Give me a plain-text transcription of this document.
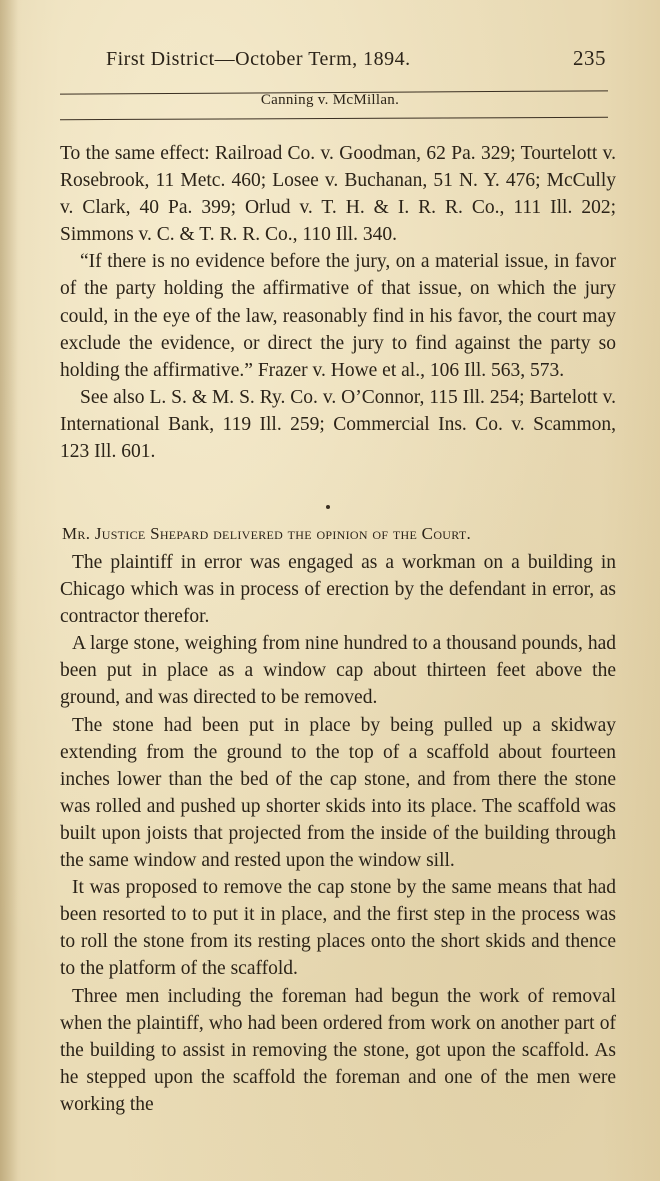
First District—October Term, 1894.	235
Canning v. McMillan.

To the same effect: Railroad Co. v. Goodman, 62 Pa. 329; Tourtelott v. Rosebrook, 11 Metc. 460; Losee v. Buchanan, 51 N. Y. 476; McCully v. Clark, 40 Pa. 399; Orlud v. T. H. & I. R. R. Co., 111 Ill. 202; Simmons v. C. & T. R. R. Co., 110 Ill. 340.

“If there is no evidence before the jury, on a material issue, in favor of the party holding the affirmative of that issue, on which the jury could, in the eye of the law, reasonably find in his favor, the court may exclude the evidence, or direct the jury to find against the party so holding the affirmative.” Frazer v. Howe et al., 106 Ill. 563, 573.

See also L. S. & M. S. Ry. Co. v. O’Connor, 115 Ill. 254; Bartelott v. International Bank, 119 Ill. 259; Commercial Ins. Co. v. Scammon, 123 Ill. 601.

Mr. Justice Shepard delivered the opinion of the Court.

The plaintiff in error was engaged as a workman on a building in Chicago which was in process of erection by the defendant in error, as contractor therefor.

A large stone, weighing from nine hundred to a thousand pounds, had been put in place as a window cap about thirteen feet above the ground, and was directed to be removed.

The stone had been put in place by being pulled up a skidway extending from the ground to the top of a scaffold about fourteen inches lower than the bed of the cap stone, and from there the stone was rolled and pushed up shorter skids into its place. The scaffold was built upon joists that projected from the inside of the building through the same window and rested upon the window sill.

It was proposed to remove the cap stone by the same means that had been resorted to to put it in place, and the first step in the process was to roll the stone from its resting places onto the short skids and thence to the platform of the scaffold.

Three men including the foreman had begun the work of removal when the plaintiff, who had been ordered from work on another part of the building to assist in removing the stone, got upon the scaffold. As he stepped upon the scaffold the foreman and one of the men were working the
